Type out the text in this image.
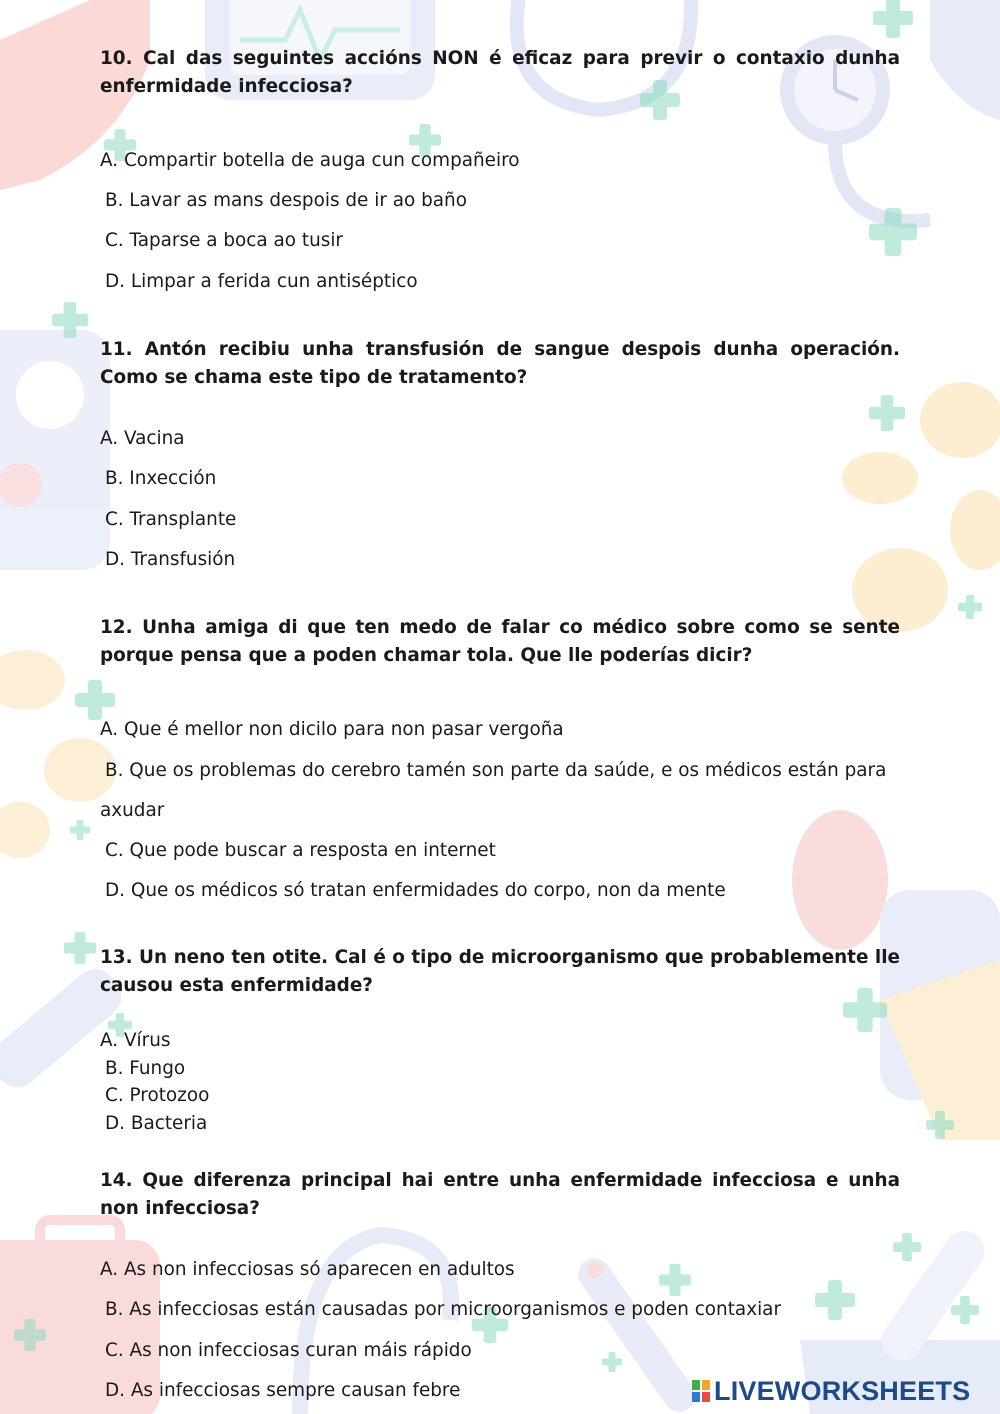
10. Cal das seguintes accións NON é eficaz para previr o contaxio dunha enfermidade infecciosa?

A. Compartir botella de auga cun compañeiro

B. Lavar as mans despois de ir ao baño

C. Taparse a boca ao tusir

D. Limpar a ferida cun antiséptico

11. Antón recibiu unha transfusión de sangue despois dunha operación. Como se chama este tipo de tratamento?

A. Vacina

B. Inxección

C. Transplante

D. Transfusión

12. Unha amiga di que ten medo de falar co médico sobre como se sente porque pensa que a poden chamar tola. Que lle poderías dicir?

A. Que é mellor non dicilo para non pasar vergoña

B. Que os problemas do cerebro tamén son parte da saúde, e os médicos están para axudar

C. Que pode buscar a resposta en internet

D. Que os médicos só tratan enfermidades do corpo, non da mente

13. Un neno ten otite. Cal é o tipo de microorganismo que probablemente lle causou esta enfermidade?

A. Vírus

B. Fungo

C. Protozoo

D. Bacteria

14. Que diferenza principal hai entre unha enfermidade infecciosa e unha non infecciosa?

A. As non infecciosas só aparecen en adultos

B. As infecciosas están causadas por microorganismos e poden contaxiar

C. As non infecciosas curan máis rápido

D. As infecciosas sempre causan febre	LIVEWORKSHEETS
